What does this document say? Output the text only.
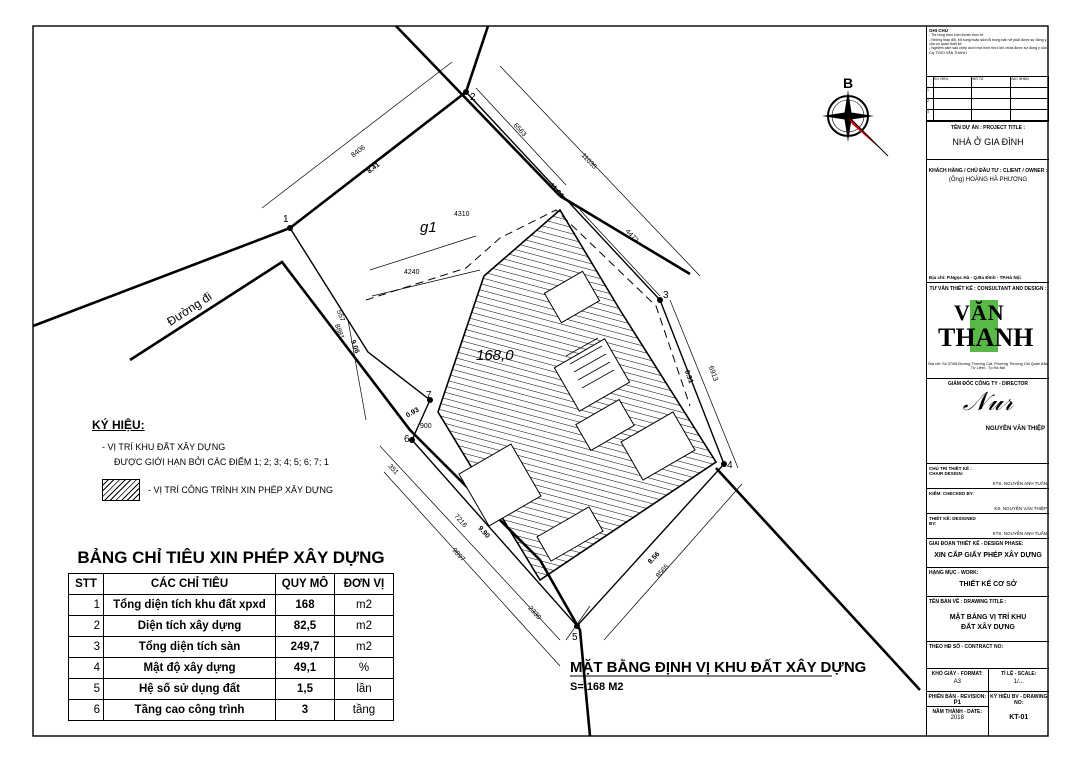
1
2
3
4
5
6
7
Đường đi
g1
168,0
8406
8.41
6563
11035
11.04
4310
4472
4240
557
8881
9.06
0.93
900
6.91 6913
351
7216
9.90
9897
2330
8.56
8565
B
MẶT BẰNG ĐỊNH VỊ KHU ĐẤT XÂY DỰNG
S= 168 M2
KÝ HIỆU:
- VỊ TRÍ KHU ĐẤT XÂY DỰNG
ĐƯỢC GIỚI HẠN BỞI CÁC ĐIỂM 1; 2; 3; 4; 5; 6; 7; 1
- VỊ TRÍ CÔNG TRÌNH XIN PHÉP XÂY DỰNG
BẢNG CHỈ TIÊU XIN PHÉP XÂY DỰNG
STT	CÁC CHỈ TIÊU	QUY MÔ	ĐƠN VỊ
1	Tổng diện tích khu đất xpxd	168	m2
2	Diện tích xây dựng	82,5	m2
3	Tổng diện tích sàn	249,7	m2
4	Mật độ xây dựng	49,1	%
5	Hệ số sử dụng đất	1,5	lần
6	Tầng cao công trình	3	tầng
GHI CHÚ
- Thi công theo kích thước thực tế
- Những thay đổi, bổ sung hoặc sửa lỗi trong bản vẽ phải được sự đồng ý của cơ quan thiết kế
- Nghiêm cấm sao chép dưới mọi hình thức khi chưa được sự đồng ý của Cty TVXD VĂN THANH
SỐ HIỆU	MÔ TẢ	XÁC NHẬN
1
2
3
TÊN DỰ ÁN : PROJECT TITLE :
NHÀ Ở GIA ĐÌNH
KHÁCH HÀNG / CHỦ ĐẦU TƯ : CLIENT / OWNER :
(Ông) HOÀNG HÀ PHƯƠNG
Địa chỉ: P.Ngọc Hà - Q.Ba Đình - TP.Hà Nội
TƯ VẤN THIẾT KẾ : CONSULTANT AND DESIGN :
VĂN
THANH
Địa chỉ: Số 37/68 Đường Thượng Cát, Phường Thượng Cát Quận Bắc Từ Liêm - Tp.Hà Nội
GIÁM ĐỐC CÔNG TY - DIRECTOR
𝒩𝓊𝓇
NGUYỄN VĂN THIỆP
CHỦ TRÌ THIẾT KẾ : CHAIR DESIGN:
KTS. NGUYỄN ANH TUẤN
KIỂM: CHECKED BY:
KS. NGUYỄN VĂN THIỆP
THIẾT KẾ: DESIGNED BY:
KTS. NGUYỄN ANH TUẤN
GIAI ĐOẠN THIẾT KẾ - DESIGN PHASE:
XIN CẤP GIẤY PHÉP XÂY DỰNG
HẠNG MỤC - WORK:
THIẾT KẾ CƠ SỞ
TÊN BẢN VẼ : DRAWING TITLE :
MẶT BẰNG VỊ TRÍ KHU ĐẤT XÂY DỰNG
THEO HĐ SỐ - CONTRACT NO:
KHỔ GIẤY - FORMAT:
A3
TỈ LỆ - SCALE:
1/...
PHIÊN BẢN - REVISION:
P1
NĂM THÀNH - DATE:
2018
KÝ HIỆU BV - DRAWING NO:
KT-01
